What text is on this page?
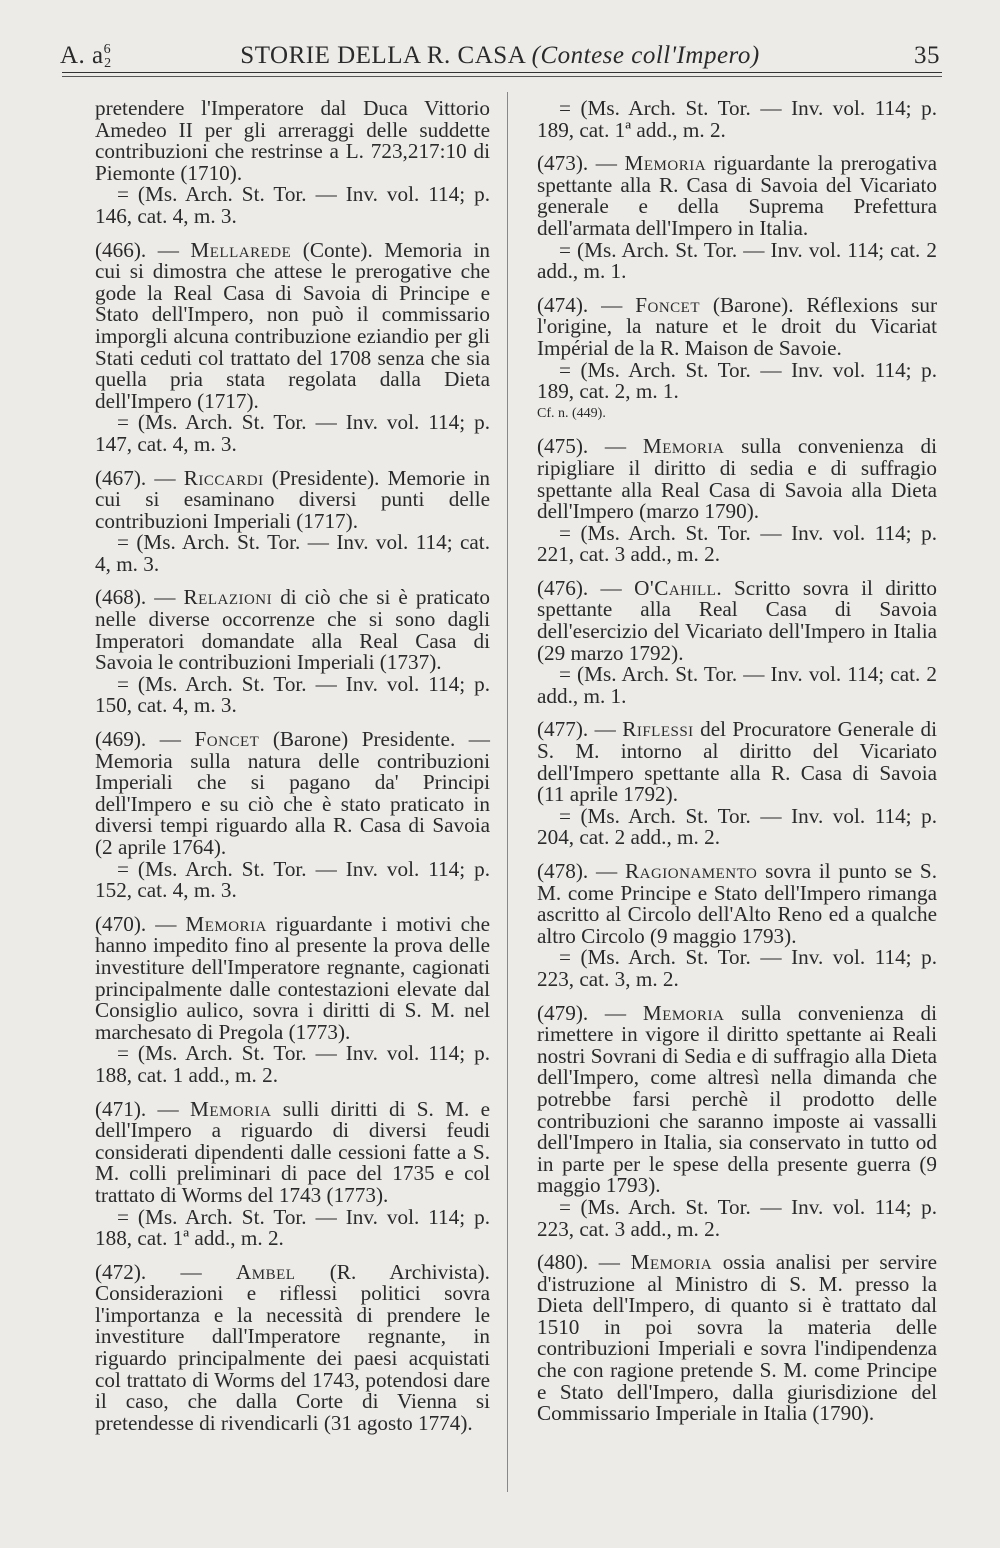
A. $a^62$	STORIE DELLA R. CASA (Contese coll'Impero)	35

pretendere l'Imperatore dal Duca Vittorio Amedeo II per gli arreraggi delle suddette contribuzioni che restrinse a L. 723,217:10 di Piemonte (1710).

= (Ms. Arch. St. Tor. — Inv. vol. 114; p. 146, cat. 4, m. 3.

(466). — Mellarede (Conte). Memoria in cui si dimostra che attese le prerogative che gode la Real Casa di Savoia di Principe e Stato dell'Impero, non può il commissario imporgli alcuna contribuzione eziandio per gli Stati ceduti col trattato del 1708 senza che sia quella pria stata regolata dalla Dieta dell'Impero (1717).

= (Ms. Arch. St. Tor. — Inv. vol. 114; p. 147, cat. 4, m. 3.

(467). — Riccardi (Presidente). Memorie in cui si esaminano diversi punti delle contribuzioni Imperiali (1717).

= (Ms. Arch. St. Tor. — Inv. vol. 114; cat. 4, m. 3.

(468). — Relazioni di ciò che si è praticato nelle diverse occorrenze che si sono dagli Imperatori domandate alla Real Casa di Savoia le contribuzioni Imperiali (1737).

= (Ms. Arch. St. Tor. — Inv. vol. 114; p. 150, cat. 4, m. 3.

(469). — Foncet (Barone) Presidente. — Memoria sulla natura delle contribuzioni Imperiali che si pagano da' Principi dell'Impero e su ciò che è stato praticato in diversi tempi riguardo alla R. Casa di Savoia (2 aprile 1764).

= (Ms. Arch. St. Tor. — Inv. vol. 114; p. 152, cat. 4, m. 3.

(470). — Memoria riguardante i motivi che hanno impedito fino al presente la prova delle investiture dell'Imperatore regnante, cagionati principalmente dalle contestazioni elevate dal Consiglio aulico, sovra i diritti di S. M. nel marchesato di Pregola (1773).

= (Ms. Arch. St. Tor. — Inv. vol. 114; p. 188, cat. 1 add., m. 2.

(471). — Memoria sulli diritti di S. M. e dell'Impero a riguardo di diversi feudi considerati dipendenti dalle cessioni fatte a S. M. colli preliminari di pace del 1735 e col trattato di Worms del 1743 (1773).

= (Ms. Arch. St. Tor. — Inv. vol. 114; p. 188, cat. 1ª add., m. 2.

(472). — Ambel (R. Archivista). Considerazioni e riflessi politici sovra l'importanza e la necessità di prendere le investiture dall'Imperatore regnante, in riguardo principalmente dei paesi acquistati col trattato di Worms del 1743, potendosi dare il caso, che dalla Corte di Vienna si pretendesse di rivendicarli (31 agosto 1774).

= (Ms. Arch. St. Tor. — Inv. vol. 114; p. 189, cat. 1ª add., m. 2.

(473). — Memoria riguardante la prerogativa spettante alla R. Casa di Savoia del Vicariato generale e della Suprema Prefettura dell'armata dell'Impero in Italia.

= (Ms. Arch. St. Tor. — Inv. vol. 114; cat. 2 add., m. 1.

(474). — Foncet (Barone). Réflexions sur l'origine, la nature et le droit du Vicariat Impérial de la R. Maison de Savoie.

= (Ms. Arch. St. Tor. — Inv. vol. 114; p. 189, cat. 2, m. 1.

Cf. n. (449).

(475). — Memoria sulla convenienza di ripigliare il diritto di sedia e di suffragio spettante alla Real Casa di Savoia alla Dieta dell'Impero (marzo 1790).

= (Ms. Arch. St. Tor. — Inv. vol. 114; p. 221, cat. 3 add., m. 2.

(476). — O'Cahill. Scritto sovra il diritto spettante alla Real Casa di Savoia dell'esercizio del Vicariato dell'Impero in Italia (29 marzo 1792).

= (Ms. Arch. St. Tor. — Inv. vol. 114; cat. 2 add., m. 1.

(477). — Riflessi del Procuratore Generale di S. M. intorno al diritto del Vicariato dell'Impero spettante alla R. Casa di Savoia (11 aprile 1792).

= (Ms. Arch. St. Tor. — Inv. vol. 114; p. 204, cat. 2 add., m. 2.

(478). — Ragionamento sovra il punto se S. M. come Principe e Stato dell'Impero rimanga ascritto al Circolo dell'Alto Reno ed a qualche altro Circolo (9 maggio 1793).

= (Ms. Arch. St. Tor. — Inv. vol. 114; p. 223, cat. 3, m. 2.

(479). — Memoria sulla convenienza di rimettere in vigore il diritto spettante ai Reali nostri Sovrani di Sedia e di suffragio alla Dieta dell'Impero, come altresì nella dimanda che potrebbe farsi perchè il prodotto delle contribuzioni che saranno imposte ai vassalli dell'Impero in Italia, sia conservato in tutto od in parte per le spese della presente guerra (9 maggio 1793).

= (Ms. Arch. St. Tor. — Inv. vol. 114; p. 223, cat. 3 add., m. 2.

(480). — Memoria ossia analisi per servire d'istruzione al Ministro di S. M. presso la Dieta dell'Impero, di quanto si è trattato dal 1510 in poi sovra la materia delle contribuzioni Imperiali e sovra l'indipendenza che con ragione pretende S. M. come Principe e Stato dell'Impero, dalla giurisdizione del Commissario Imperiale in Italia (1790).
